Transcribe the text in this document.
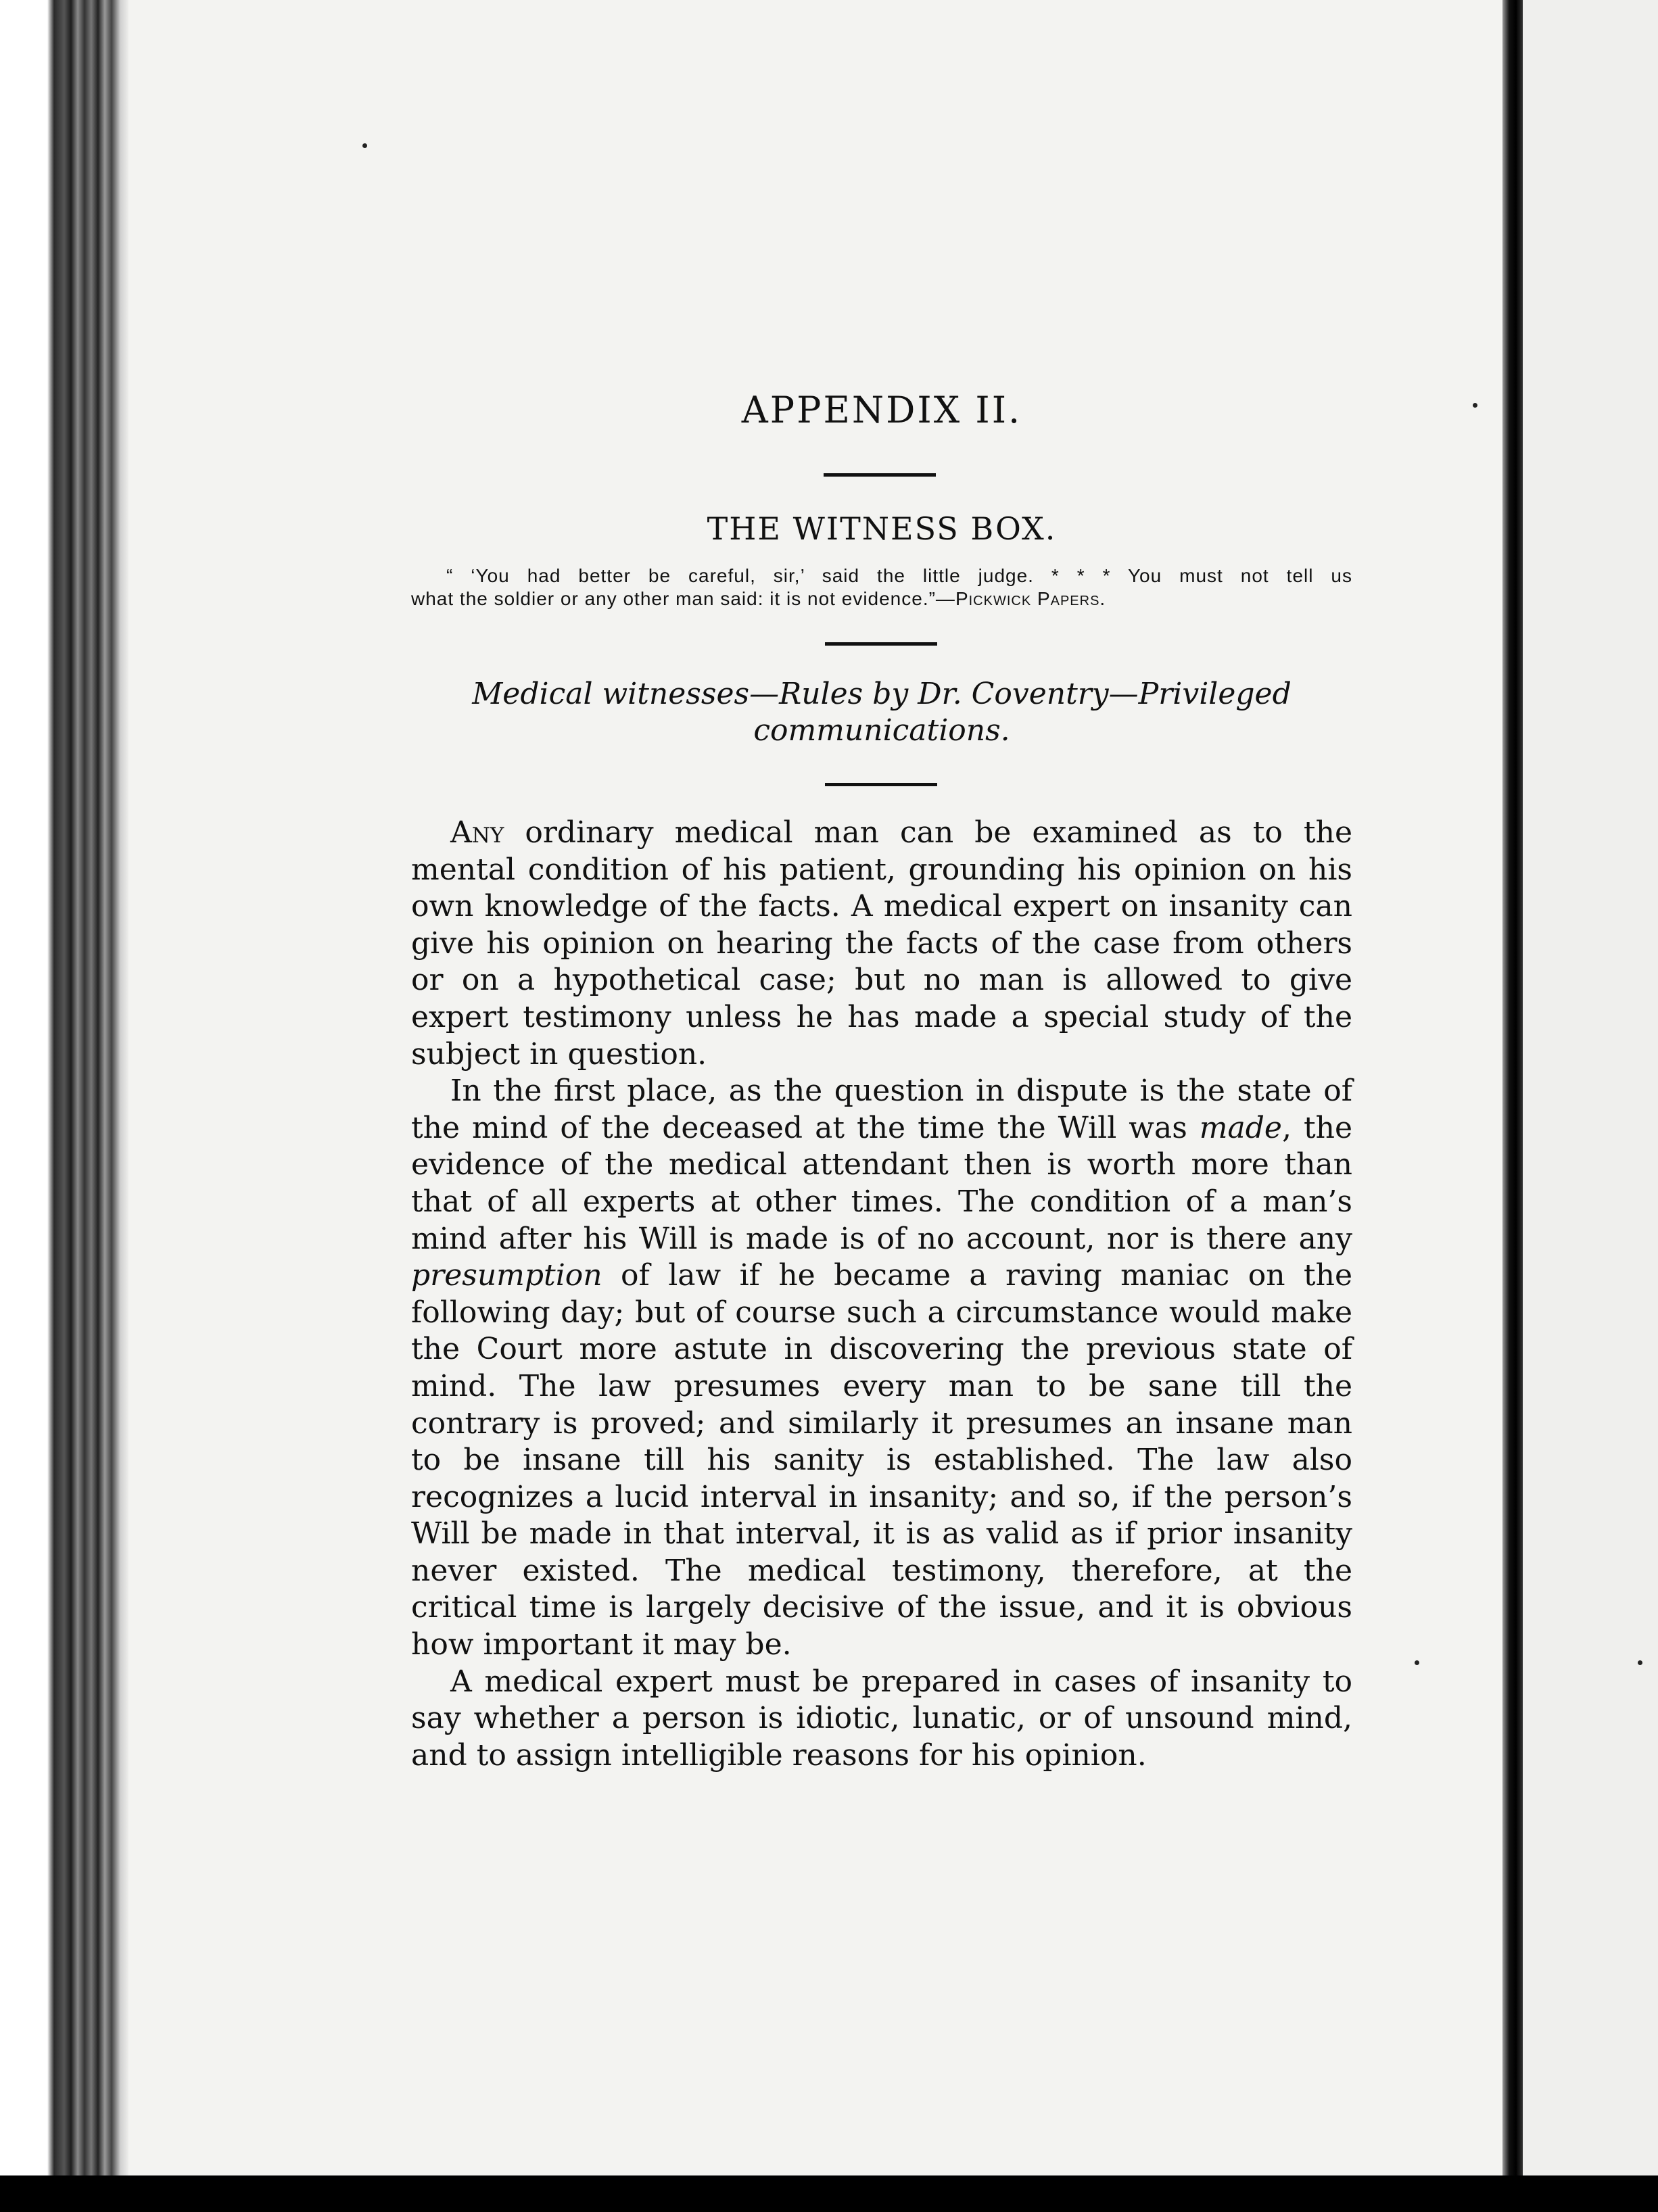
APPENDIX II.
THE WITNESS BOX.
“ ‘You had better be careful, sir,’ said the little judge. * * * You must not tell us
what the soldier or any other man said: it is not evidence.”—Pickwick Papers.
Medical witnesses—Rules by Dr. Coventry—Privileged communications.

Any ordinary medical man can be examined as to the mental condition of his patient, grounding his opinion on his own knowledge of the facts. A medical expert on insanity can give his opinion on hearing the facts of the case from others or on a hypothetical case; but no man is allowed to give expert testimony unless he has made a special study of the subject in question.

In the first place, as the question in dispute is the state of the mind of the deceased at the time the Will was made, the evidence of the medical attendant then is worth more than that of all experts at other times. The condition of a man’s mind after his Will is made is of no account, nor is there any presumption of law if he became a raving maniac on the following day; but of course such a circumstance would make the Court more astute in discovering the previous state of mind. The law presumes every man to be sane till the contrary is proved; and similarly it presumes an insane man to be insane till his sanity is established. The law also recognizes a lucid interval in insanity; and so, if the person’s Will be made in that interval, it is as valid as if prior insanity never existed. The medical testimony, therefore, at the critical time is largely decisive of the issue, and it is obvious how important it may be.

A medical expert must be prepared in cases of insanity to say whether a person is idiotic, lunatic, or of unsound mind, and to assign intelligible reasons for his opinion.
